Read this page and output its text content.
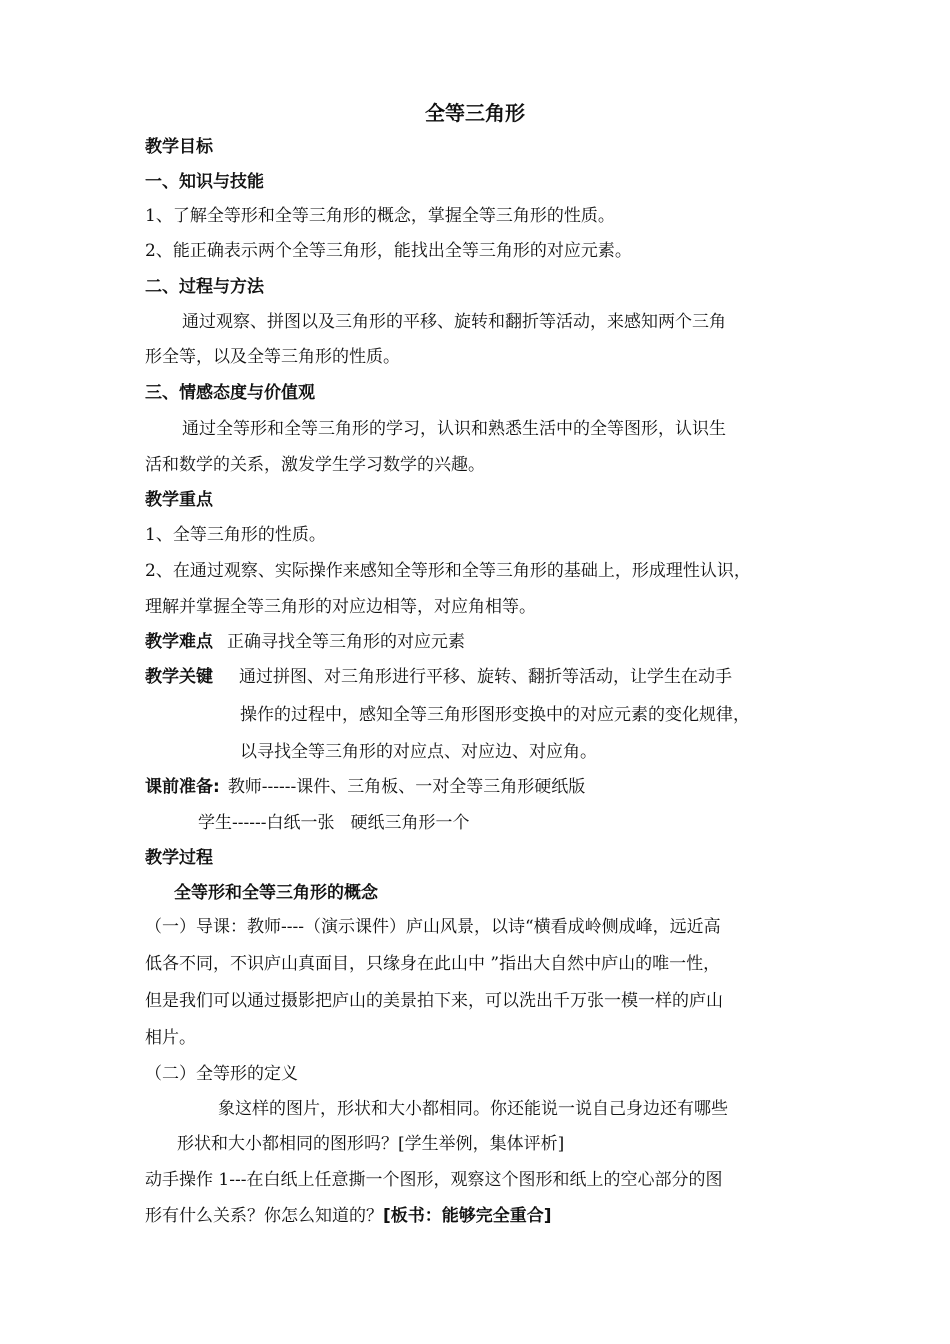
全等三角形
教学目标
一、知识与技能
1、了解全等形和全等三角形的概念，掌握全等三角形的性质。
2、能正确表示两个全等三角形，能找出全等三角形的对应元素。
二、过程与方法
通过观察、拼图以及三角形的平移、旋转和翻折等活动，来感知两个三角
形全等，以及全等三角形的性质。
三、情感态度与价值观
通过全等形和全等三角形的学习，认识和熟悉生活中的全等图形，认识生
活和数学的关系，激发学生学习数学的兴趣。
教学重点
1、全等三角形的性质。
2、在通过观察、实际操作来感知全等形和全等三角形的基础上，形成理性认识，
理解并掌握全等三角形的对应边相等，对应角相等。
教学难点 正确寻找全等三角形的对应元素
教学关键 通过拼图、对三角形进行平移、旋转、翻折等活动，让学生在动手
操作的过程中，感知全等三角形图形变换中的对应元素的变化规律，
以寻找全等三角形的对应点、对应边、对应角。
课前准备: 教师------课件、三角板、一对全等三角形硬纸版
学生------白纸一张 硬纸三角形一个
教学过程
全等形和全等三角形的概念
（一）导课：教师----（演示课件）庐山风景，以诗“横看成岭侧成峰，远近高
低各不同，不识庐山真面目，只缘身在此山中 ”指出大自然中庐山的唯一性，
但是我们可以通过摄影把庐山的美景拍下来，可以洗出千万张一模一样的庐山
相片。
（二）全等形的定义
象这样的图片，形状和大小都相同。你还能说一说自己身边还有哪些
形状和大小都相同的图形吗？[学生举例，集体评析]
动手操作 1---在白纸上任意撕一个图形，观察这个图形和纸上的空心部分的图
形有什么关系？你怎么知道的？[板书：能够完全重合]
